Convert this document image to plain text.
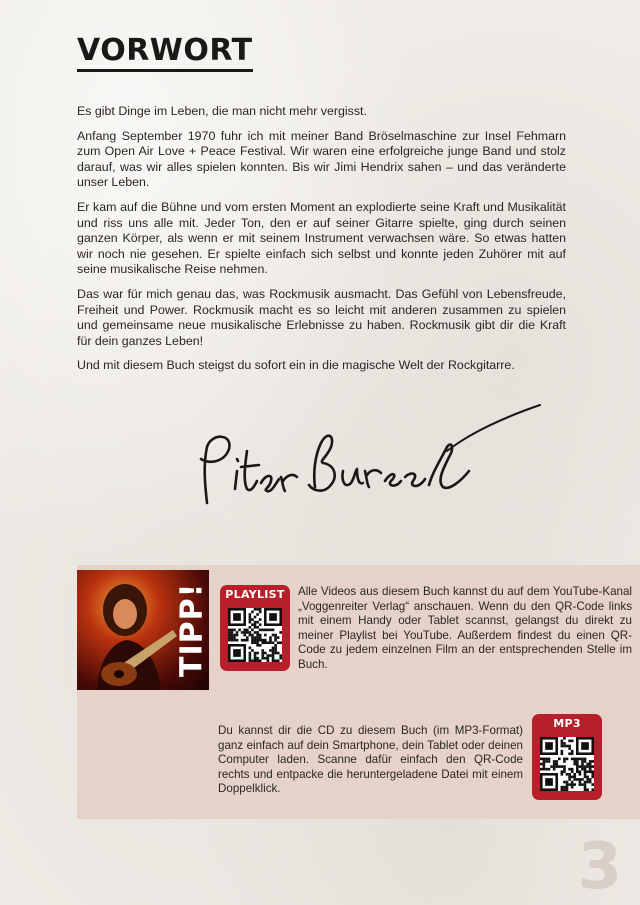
VORWORT

Es gibt Dinge im Leben, die man nicht mehr vergisst.

Anfang September 1970 fuhr ich mit meiner Band Bröselmaschine zur Insel Fehmarn zum Open Air Love + Peace Festival. Wir waren eine erfolgreiche junge Band und stolz darauf, was wir alles spielen konnten. Bis wir Jimi Hendrix sahen – und das veränderte unser Leben.

Er kam auf die Bühne und vom ersten Moment an explodierte seine Kraft und Musikalität und riss uns alle mit. Jeder Ton, den er auf seiner Gitarre spielte, ging durch seinen ganzen Körper, als wenn er mit seinem Instrument verwachsen wäre. So etwas hatten wir noch nie gesehen. Er spielte einfach sich selbst und konnte jeden Zuhörer mit auf seine musikalische Reise nehmen.

Das war für mich genau das, was Rockmusik ausmacht. Das Gefühl von Lebensfreude, Freiheit und Power. Rockmusik macht es so leicht mit anderen zusammen zu spielen und gemeinsame neue musikalische Erlebnisse zu haben. Rockmusik gibt dir die Kraft für dein ganzes Leben!

Und mit diesem Buch steigst du sofort ein in die magische Welt der Rockgitarre.

TIPP!	PLAYLIST	Alle Videos aus diesem Buch kannst du auf dem YouTube-Kanal „Voggenreiter Verlag“ anschauen. Wenn du den QR-Code links mit einem Handy oder Tablet scannst, gelangst du direkt zu meiner Playlist bei YouTube. Außerdem findest du einen QR-Code zu jedem einzelnen Film an der entsprechenden Stelle im Buch.
Du kannst dir die CD zu diesem Buch (im MP3-Format) ganz einfach auf dein Smartphone, dein Tablet oder deinen Computer laden. Scanne dafür einfach den QR-Code rechts und entpacke die heruntergeladene Datei mit einem Doppelklick.
MP3
3
